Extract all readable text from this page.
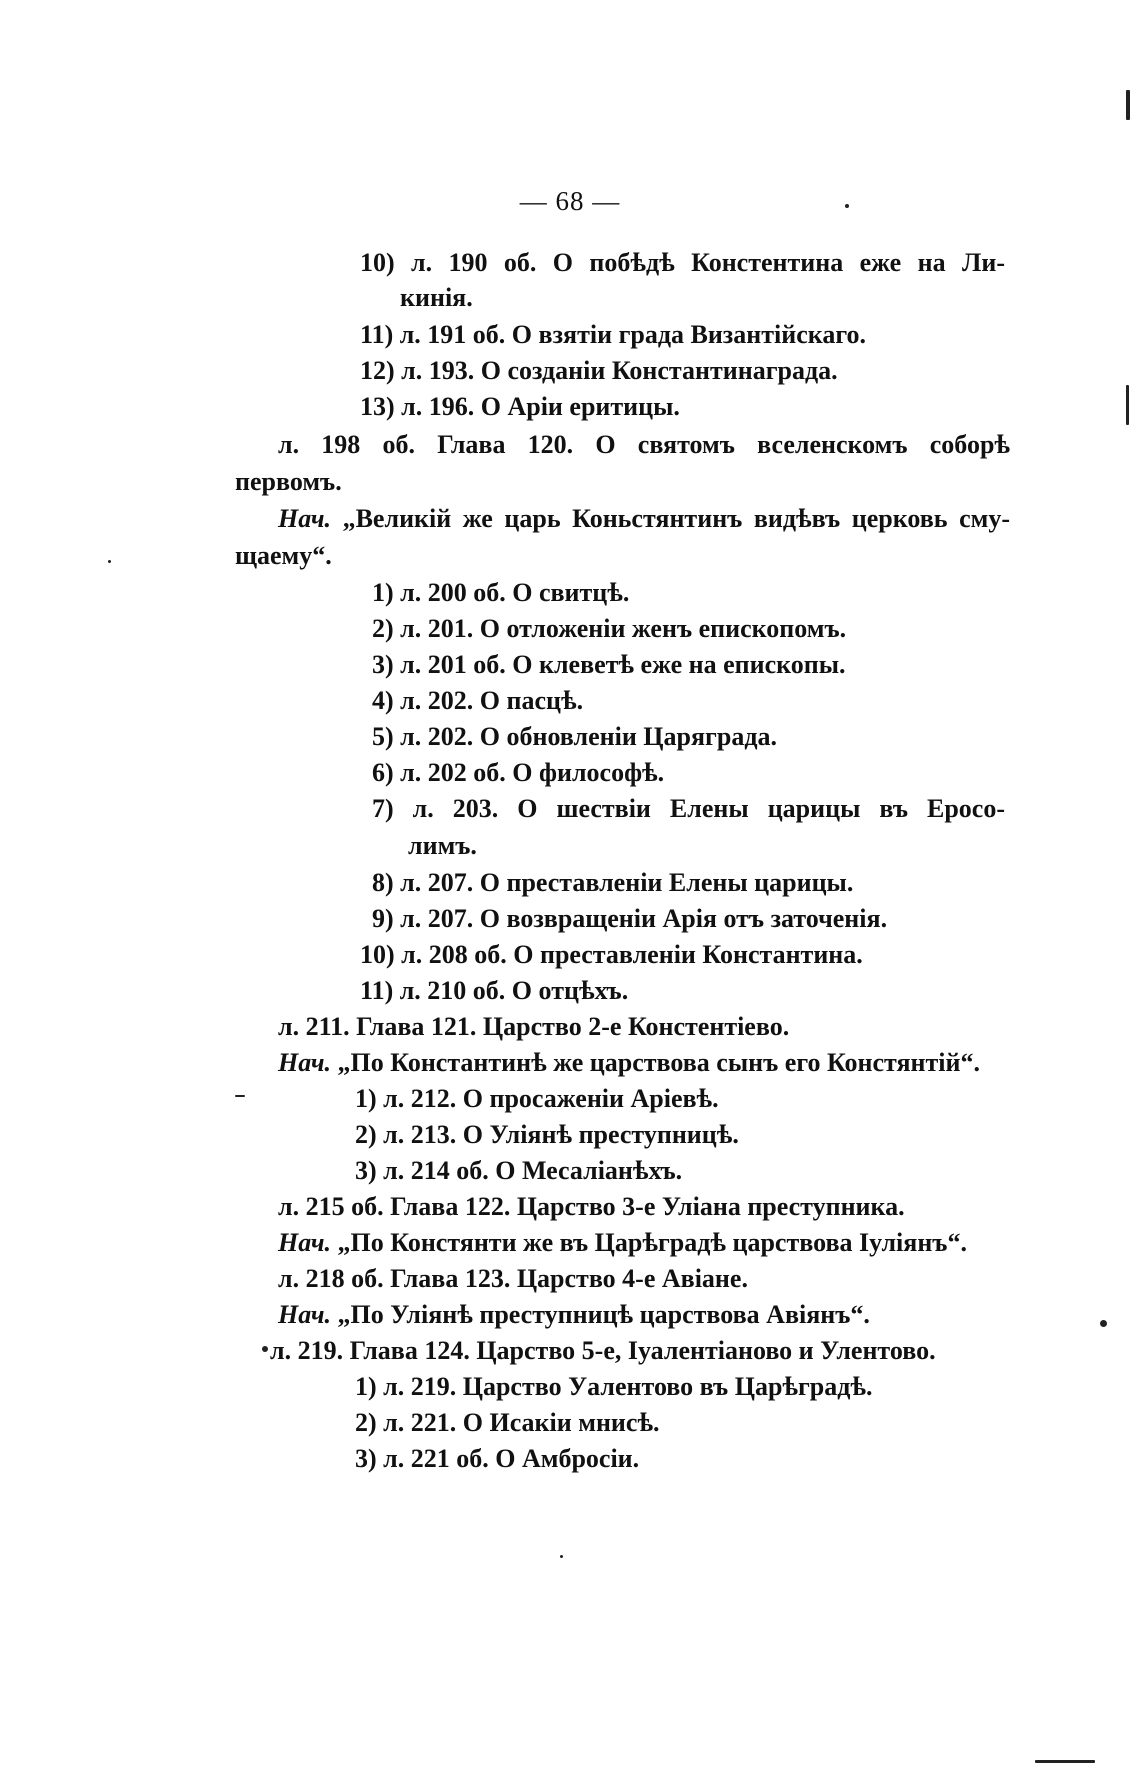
— 68 —
10) л. 190 об. О побѣдѣ Констентина еже на Ли-
кинія.
11) л. 191 об. О взятіи града Византійскаго.
12) л. 193. О созданіи Константинаграда.
13) л. 196. О Аріи еритицы.
л. 198 об. Глава 120. О святомъ вселенскомъ соборѣ
первомъ.
Нач. „Великій же царь Коньстянтинъ видѣвъ церковь сму-
щаему“.
1) л. 200 об. О свитцѣ.
2) л. 201. О отложеніи женъ епископомъ.
3) л. 201 об. О клеветѣ еже на епископы.
4) л. 202. О пасцѣ.
5) л. 202. О обновленіи Царяграда.
6) л. 202 об. О философѣ.
7) л. 203. О шествіи Елены царицы въ Еросо-
лимъ.
8) л. 207. О преставленіи Елены царицы.
9) л. 207. О возвращеніи Арія отъ заточенія.
10) л. 208 об. О преставленіи Константина.
11) л. 210 об. О отцѣхъ.
л. 211. Глава 121. Царство 2-е Констентіево.
Нач. „По Константинѣ же царствова сынъ его Констянтій“.
1) л. 212. О просаженіи Аріевѣ.
2) л. 213. О Уліянѣ преступницѣ.
3) л. 214 об. О Месаліанѣхъ.
л. 215 об. Глава 122. Царство 3-е Уліана преступника.
Нач. „По Констянти же въ Царѣградѣ царствова Іуліянъ“.
л. 218 об. Глава 123. Царство 4-е Авіане.
Нач. „По Уліянѣ преступницѣ царствова Авіянъ“.
л. 219. Глава 124. Царство 5-е, Іуалентіаново и Улентово.
1) л. 219. Царство Уалентово въ Царѣградѣ.
2) л. 221. О Исакіи мнисѣ.
3) л. 221 об. О Амбросіи.
